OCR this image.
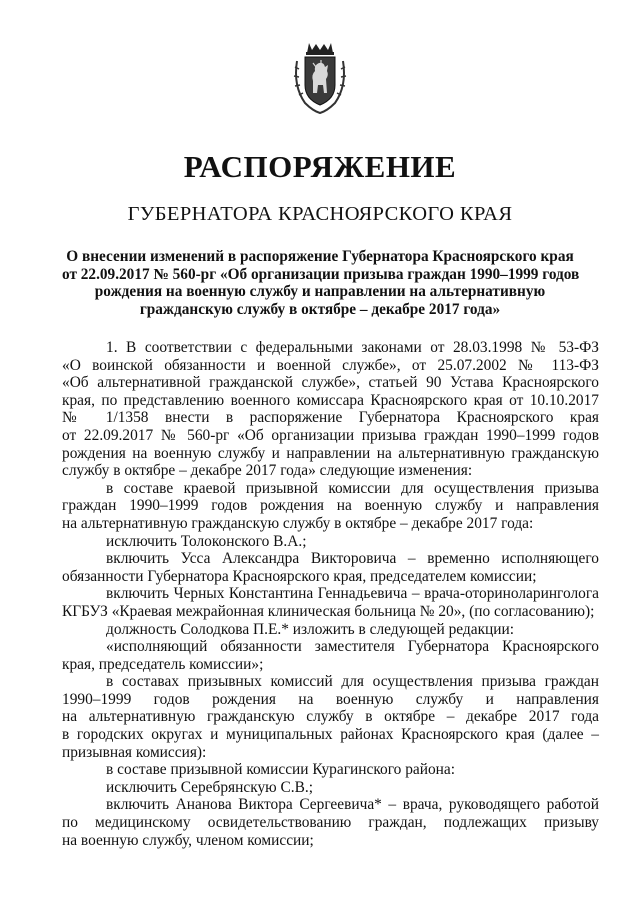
РАСПОРЯЖЕНИЕ
ГУБЕРНАТОРА КРАСНОЯРСКОГО КРАЯ
О внесении изменений в распоряжение Губернатора Красноярского края
от 22.09.2017 № 560-рг «Об организации призыва граждан 1990–1999 годов
рождения на военную службу и направлении на альтернативную
гражданскую службу в октябре – декабре 2017 года»
1. В соответствии с федеральными законами от 28.03.1998 № 53-ФЗ
«О воинской обязанности и военной службе», от 25.07.2002 № 113-ФЗ
«Об альтернативной гражданской службе», статьей 90 Устава Красноярского
края, по представлению военного комиссара Красноярского края от 10.10.2017
№ 1/1358 внести в распоряжение Губернатора Красноярского края
от 22.09.2017 № 560-рг «Об организации призыва граждан 1990–1999 годов
рождения на военную службу и направлении на альтернативную гражданскую
службу в октябре – декабре 2017 года» следующие изменения:
в составе краевой призывной комиссии для осуществления призыва
граждан 1990–1999 годов рождения на военную службу и направления
на альтернативную гражданскую службу в октябре – декабре 2017 года:
исключить Толоконского В.А.;
включить Усса Александра Викторовича – временно исполняющего
обязанности Губернатора Красноярского края, председателем комиссии;
включить Черных Константина Геннадьевича – врача-оториноларинголога
КГБУЗ «Краевая межрайонная клиническая больница № 20», (по согласованию);
должность Солодкова П.Е.* изложить в следующей редакции:
«исполняющий обязанности заместителя Губернатора Красноярского
края, председатель комиссии»;
в составах призывных комиссий для осуществления призыва граждан
1990–1999 годов рождения на военную службу и направления
на альтернативную гражданскую службу в октябре – декабре 2017 года
в городских округах и муниципальных районах Красноярского края (далее –
призывная комиссия):
в составе призывной комиссии Курагинского района:
исключить Серебрянскую С.В.;
включить Ананова Виктора Сергеевича* – врача, руководящего работой
по медицинскому освидетельствованию граждан, подлежащих призыву
на военную службу, членом комиссии;
